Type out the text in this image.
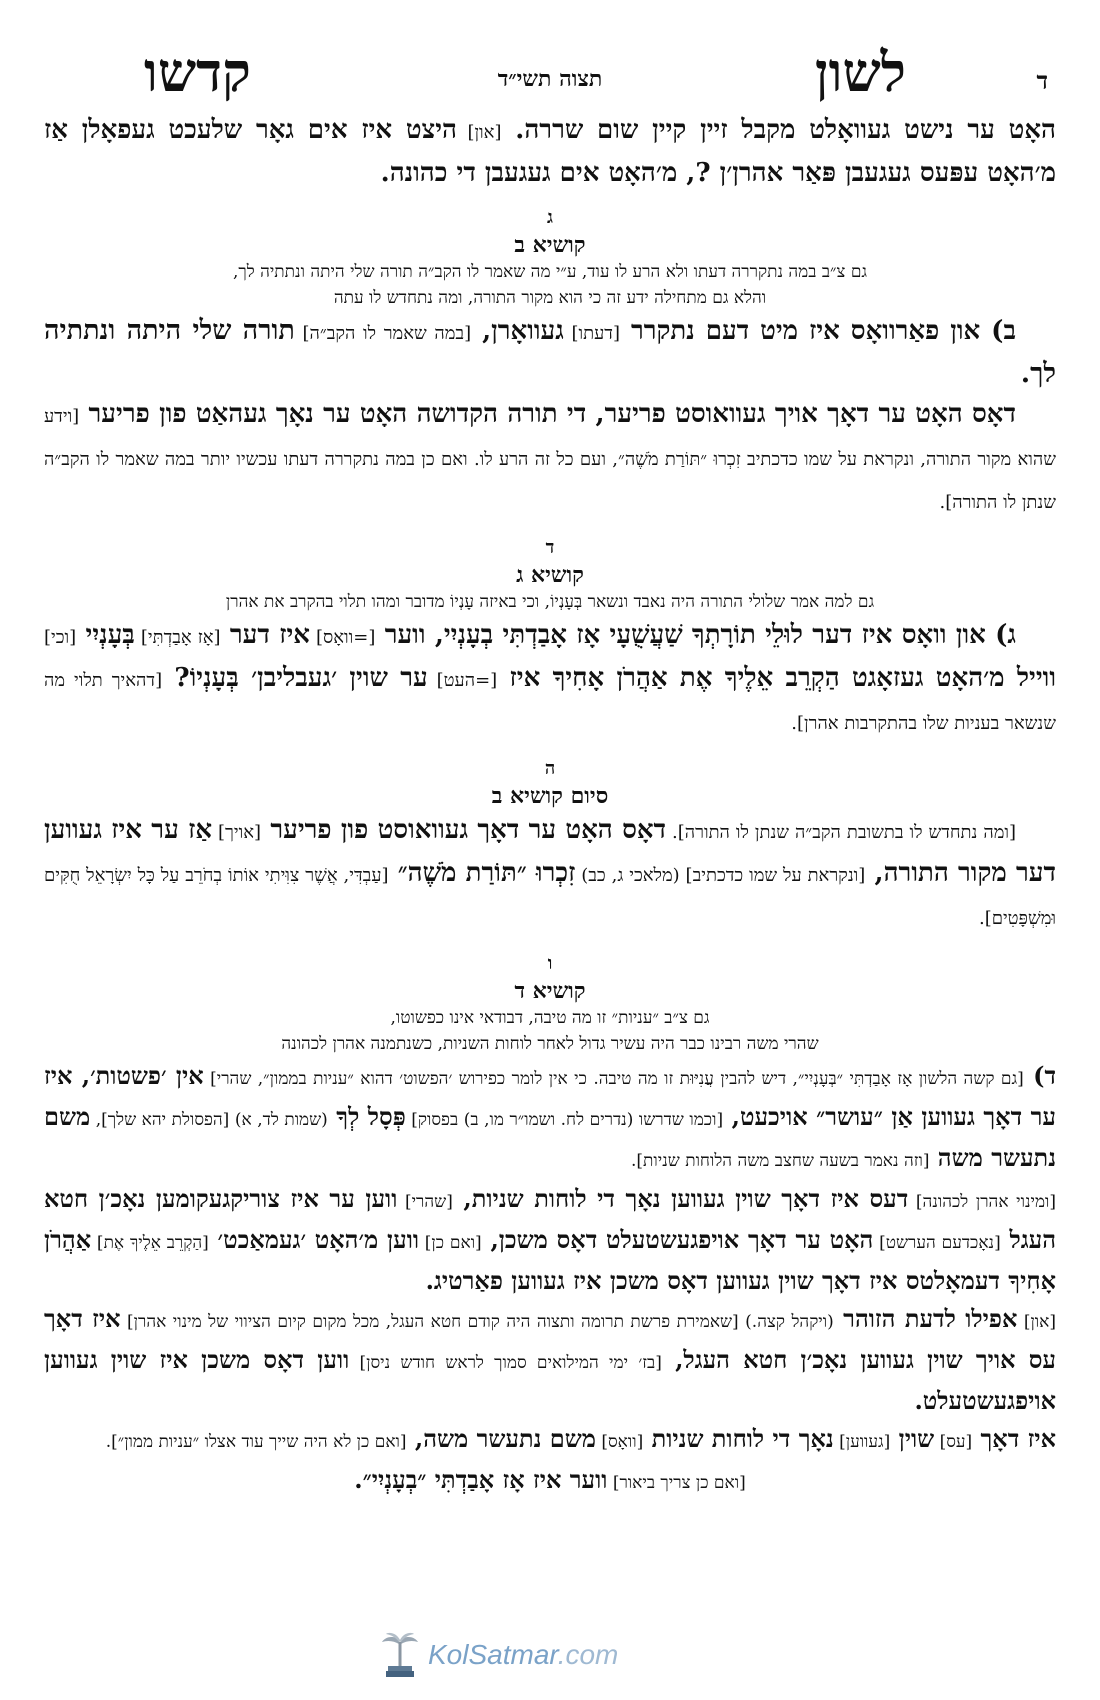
ד
לשון
תצוה תשי״ד
קדשו

האָט ער נישט געוואָלט מקבל זיין קיין שום שררה. [און] היצט איז אים גאָר שלעכט געפאָלן אַז מ׳האָט עפּעס געגעבן פּאַר אהרן׳ן ?, מ׳האָט אים געגעבן די כהונה.

ג
קושיא ב
גם צ״ב במה נתקררה דעתו ולא הרע לו עוד, ע״י מה שאמר לו הקב״ה תורה שלי היתה ונתתיה לך,
והלא גם מתחילה ידע זה כי הוא מקור התורה, ומה נתחדש לו עתה

ב) און פאַרוואָס איז מיט דעם נתקרר [דעתו] געוואָרן, [במה שאמר לו הקב״ה] תורה שלי היתה ונתתיה לך.

דאָס האָט ער דאָך אויך געוואוסט פריער, די תורה הקדושה האָט ער נאָך געהאַט פון פריער [וידע שהוא מקור התורה, ונקראת על שמו כדכתיב זִכְרוּ ״תּוֹרַת מֹשֶׁה״, ועם כל זה הרע לו. ואם כן במה נתקררה דעתו עכשיו יותר במה שאמר לו הקב״ה שנתן לו התורה].

ד
קושיא ג
גם למה אמר שלולי התורה היה נאבד ונשאר בְּעָנְיוֹ, וכי באיזה עָנְיוֹ מדובר ומהו תלוי בהקרב את אהרן

ג) און וואָס איז דער לוּלֵי תוֹרָתְךָ שַׁעֲשֻׁעָי אָז אָבַדְתִּי בְעָנְיִי, ווער [=וואָס] איז דער [אָז אָבַדְתִּי] בְּעָנְיִי [וכי] ווייל מ׳האָט געזאָגט הַקְרֵב אֵלֶיךָ אֶת אַהֲרֹן אָחִיךָ איז [=העט] ער שוין ׳געבליבן׳ בְּעָנְיוֹ? [דהאיך תלוי מה שנשאר בעניות שלו בהתקרבות אהרן].

ה
סיום קושיא ב

[ומה נתחדש לו בתשובת הקב״ה שנתן לו התורה]. דאָס האָט ער דאָך געוואוסט פון פריער [אויך] אַז ער איז געווען דער מקור התורה, [ונקראת על שמו כדכתיב] (מלאכי ג, כב) זִכְרוּ ״תּוֹרַת מֹשֶׁה״ [עַבְדִּי, אֲשֶׁר צִוִּיתִי אוֹתוֹ בְחֹרֵב עַל כָּל יִשְׂרָאֵל חֻקִּים וּמִשְׁפָּטִים].

ו
קושיא ד
גם צ״ב ״עניות״ זו מה טיבה, דבודאי אינו כפשוטו,
שהרי משה רבינו כבר היה עשיר גדול לאחר לוחות השניות, כשנתמנה אהרן לכהונה

ד) [גם קשה הלשון אָז אָבַדְתִּי ״בְּעָנְיִי״, דיש להבין עֲנִיּוּת זו מה טיבה. כי אין לומר כפירוש ׳הפשוט׳ דהוא ״עניות בממון״, שהרי] אין ׳פשטות׳, איז ער דאָך געווען אַן ״עושר״ אויכעט, [וכמו שדרשו (נדרים לח. ושמו״ר מו, ב) בפסוק] פְּסָל לְךָ (שמות לד, א) [הפסולת יהא שלך], משם נתעשר משה [וזה נאמר בשעה שחצב משה הלוחות שניות].

[ומינוי אהרן לכהונה] דעס איז דאָך שוין געווען נאָך די לוחות שניות, [שהרי] ווען ער איז צוריקגעקומען נאָכ׳ן חטא העגל [נאָכדעם הערשט] האָט ער דאָך אויפגעשטעלט דאָס משכן, [ואם כן] ווען מ׳האָט ׳געמאַכט׳ [הַקְרֵב אֵלֶיךָ אֶת] אַהֲרֹן אָחִיךָ דעמאָלטס איז דאָך שוין געווען דאָס משכן איז געווען פאַרטיג.

[און] אפילו לדעת הזוהר (ויקהל קצה.) [שאמירת פרשת תרומה ותצוה היה קודם חטא העגל, מכל מקום קיום הציווי של מינוי אהרן] איז דאָך עס אויך שוין געווען נאָכ׳ן חטא העגל, [בז׳ ימי המילואים סמוך לראש חודש ניסן] ווען דאָס משכן איז שוין געווען אויפגעשטעלט.

איז דאָך [עס] שוין [געווען] נאָך די לוחות שניות [וואָס] משם נתעשר משה, [ואם כן לא היה שייך עוד אצלו ״עניות ממון״].

[ואם כן צריך ביאור] ווער איז אָז אָבַדְתִּי ״בְעָנְיִי״.

KolSatmar.com
